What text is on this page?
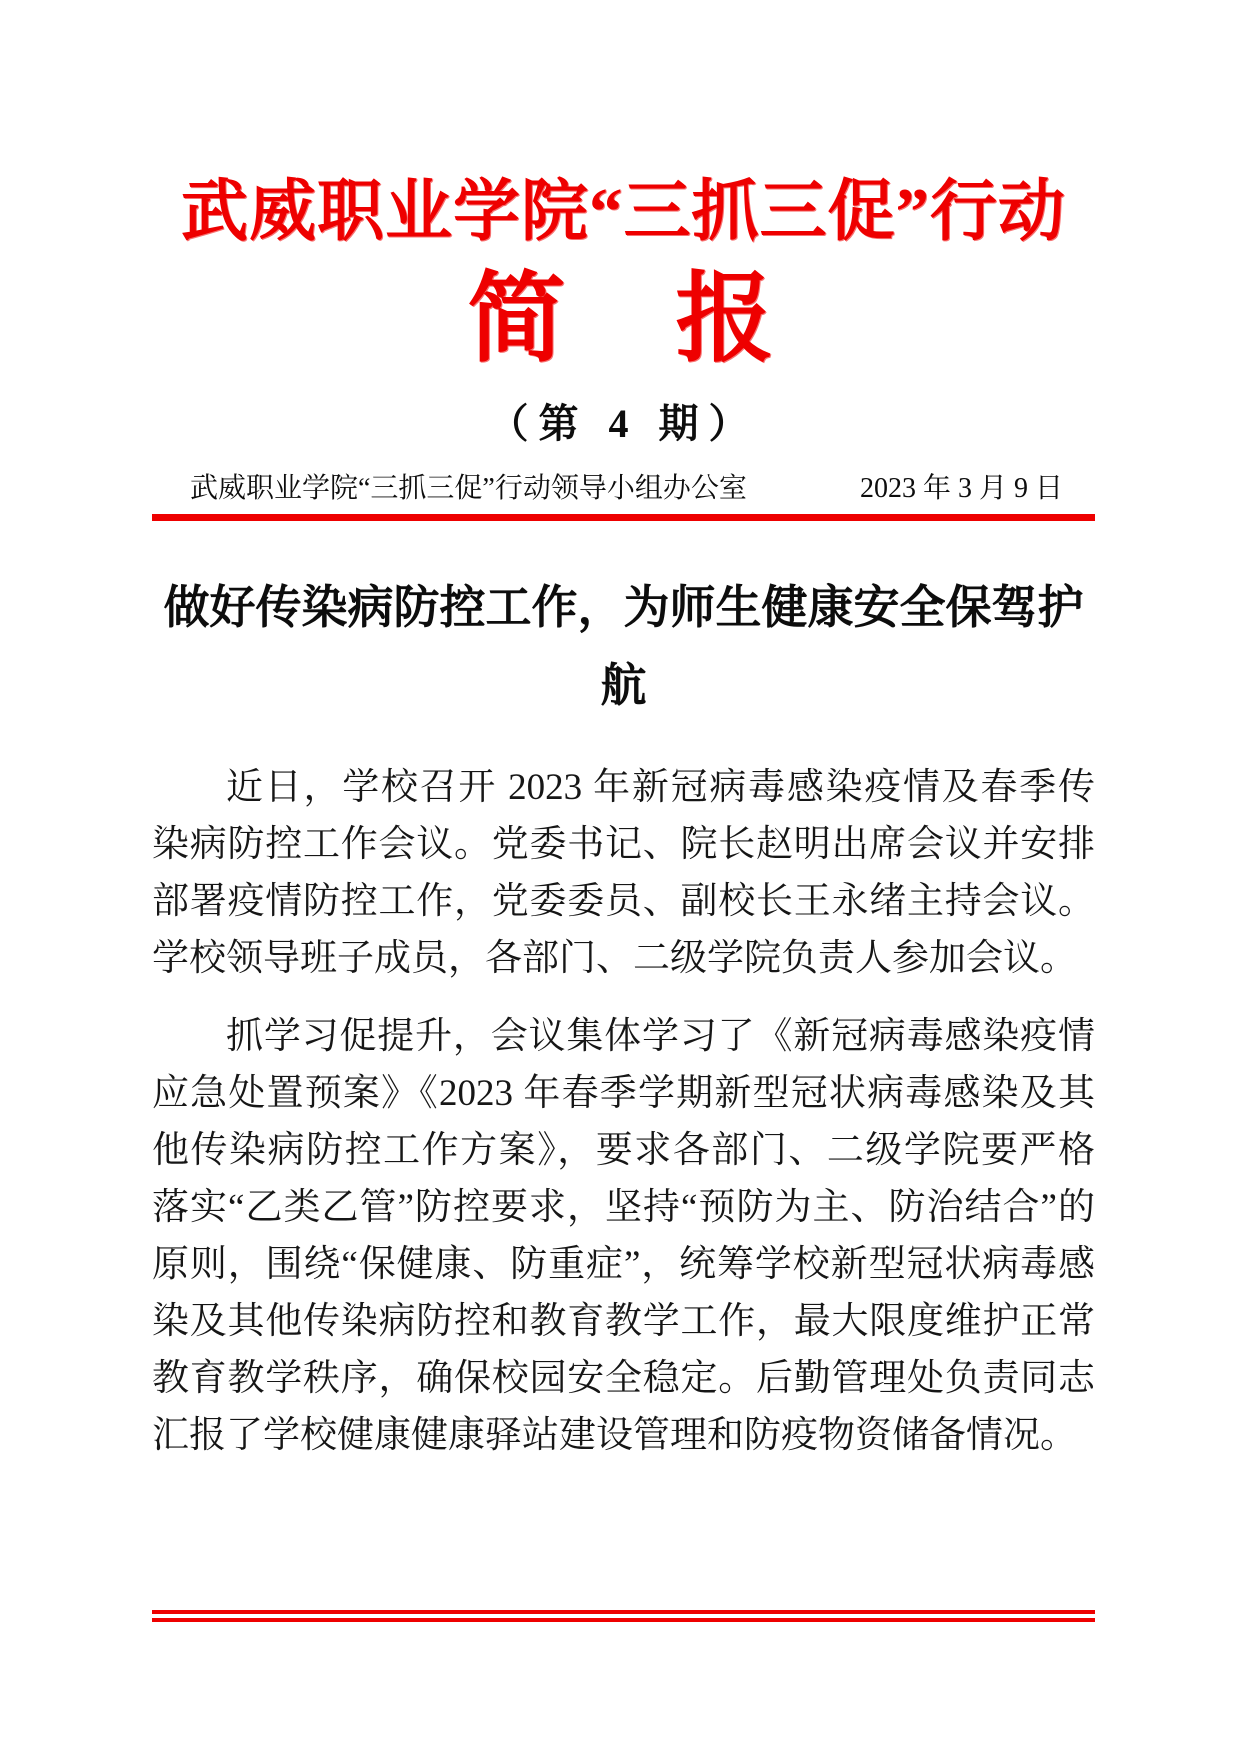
武威职业学院“三抓三促”行动
简　报
（第 4 期）
武威职业学院“三抓三促”行动领导小组办公室	2023 年 3 月 9 日
做好传染病防控工作，为师生健康安全保驾护航

近日，学校召开 2023 年新冠病毒感染疫情及春季传染病防控工作会议。党委书记、院长赵明出席会议并安排部署疫情防控工作，党委委员、副校长王永绪主持会议。学校领导班子成员，各部门、二级学院负责人参加会议。

抓学习促提升，会议集体学习了《新冠病毒感染疫情应急处置预案》《2023 年春季学期新型冠状病毒感染及其他传染病防控工作方案》，要求各部门、二级学院要严格落实“乙类乙管”防控要求，坚持“预防为主、防治结合”的原则，围绕“保健康、防重症”，统筹学校新型冠状病毒感染及其他传染病防控和教育教学工作，最大限度维护正常教育教学秩序，确保校园安全稳定。后勤管理处负责同志汇报了学校健康健康驿站建设管理和防疫物资储备情况。
